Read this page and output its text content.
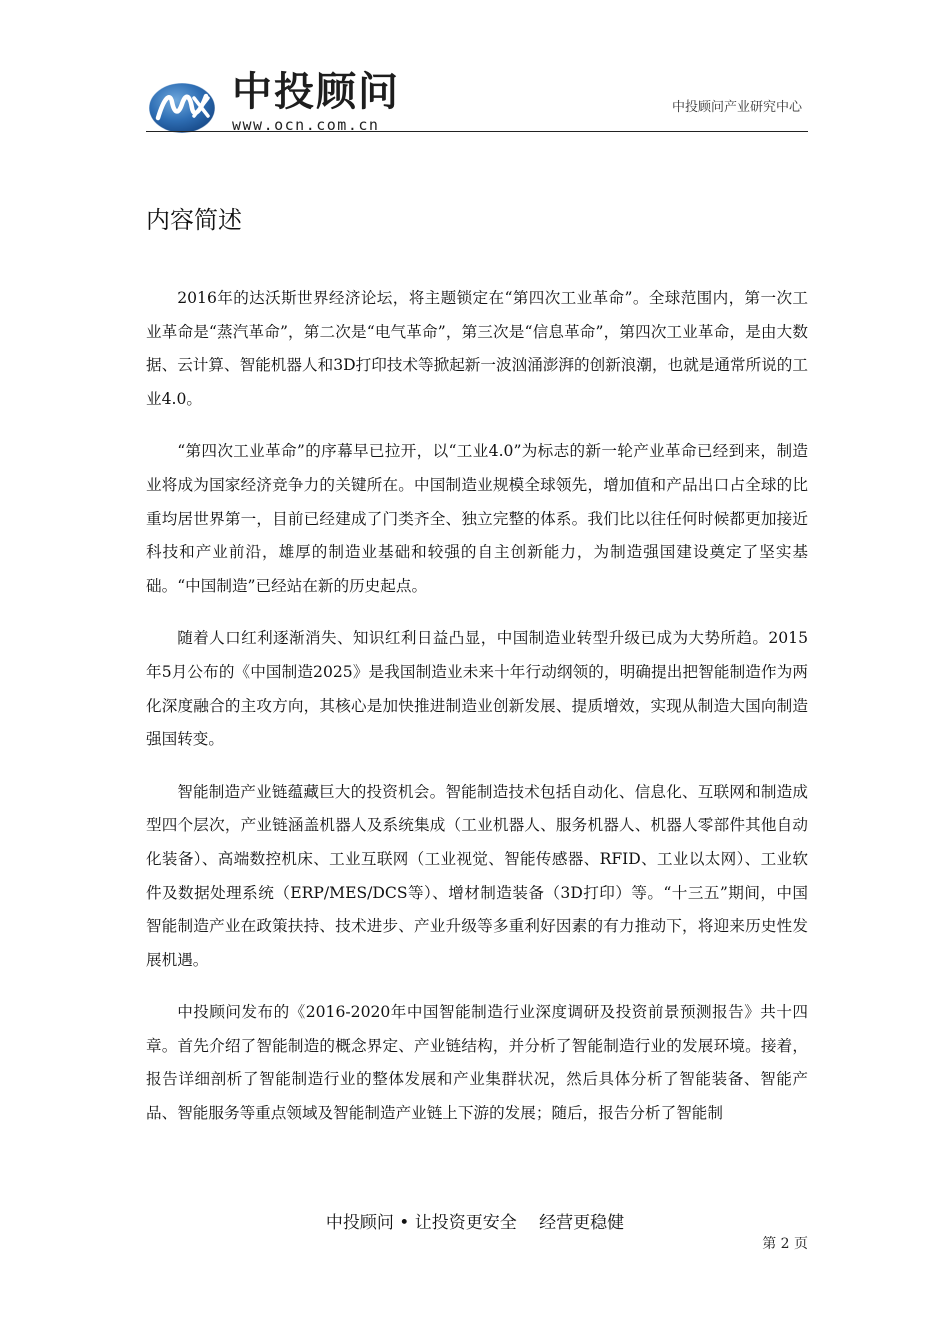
中投顾问
www.ocn.com.cn
中投顾问产业研究中心
内容简述

2016年的达沃斯世界经济论坛，将主题锁定在“第四次工业革命”。全球范围内，第一次工业革命是“蒸汽革命”，第二次是“电气革命”，第三次是“信息革命”，第四次工业革命，是由大数据、云计算、智能机器人和3D打印技术等掀起新一波汹涌澎湃的创新浪潮，也就是通常所说的工业4.0。

“第四次工业革命”的序幕早已拉开，以“工业4.0”为标志的新一轮产业革命已经到来，制造业将成为国家经济竞争力的关键所在。中国制造业规模全球领先，增加值和产品出口占全球的比重均居世界第一，目前已经建成了门类齐全、独立完整的体系。我们比以往任何时候都更加接近科技和产业前沿，雄厚的制造业基础和较强的自主创新能力，为制造强国建设奠定了坚实基础。“中国制造”已经站在新的历史起点。

随着人口红利逐渐消失、知识红利日益凸显，中国制造业转型升级已成为大势所趋。2015年5月公布的《中国制造2025》是我国制造业未来十年行动纲领的，明确提出把智能制造作为两化深度融合的主攻方向，其核心是加快推进制造业创新发展、提质增效，实现从制造大国向制造强国转变。

智能制造产业链蕴藏巨大的投资机会。智能制造技术包括自动化、信息化、互联网和制造成型四个层次，产业链涵盖机器人及系统集成（工业机器人、服务机器人、机器人零部件其他自动化装备）、高端数控机床、工业互联网（工业视觉、智能传感器、RFID、工业以太网）、工业软件及数据处理系统（ERP/MES/DCS等）、增材制造装备（3D打印）等。“十三五”期间，中国智能制造产业在政策扶持、技术进步、产业升级等多重利好因素的有力推动下，将迎来历史性发展机遇。

中投顾问发布的《2016-2020年中国智能制造行业深度调研及投资前景预测报告》共十四章。首先介绍了智能制造的概念界定、产业链结构，并分析了智能制造行业的发展环境。接着，报告详细剖析了智能制造行业的整体发展和产业集群状况，然后具体分析了智能装备、智能产品、智能服务等重点领域及智能制造产业链上下游的发展；随后，报告分析了智能制

中投顾问 • 让投资更安全　 经营更稳健
第 2 页
